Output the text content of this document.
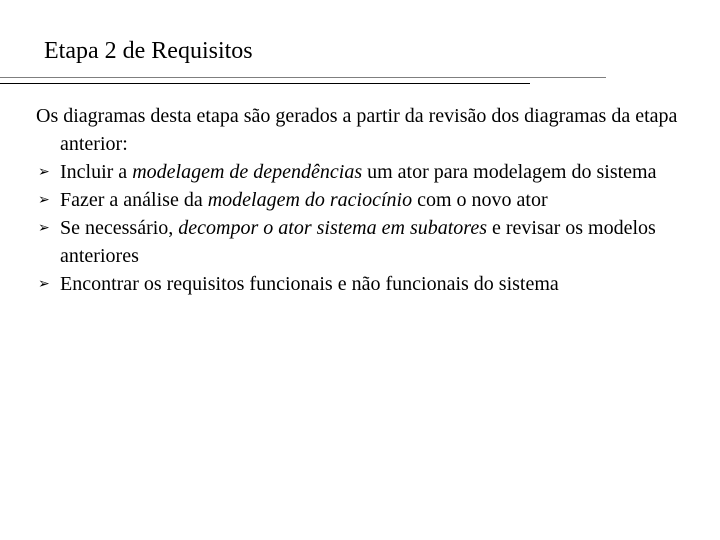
Etapa 2 de Requisitos

Os diagramas desta etapa são gerados a partir da revisão dos diagramas da etapa anterior:

➢ Incluir a modelagem de dependências um ator para modelagem do sistema
➢ Fazer a análise da modelagem do raciocínio com o novo ator
➢ Se necessário, decompor o ator sistema em subatores e revisar os modelos anteriores
➢ Encontrar os requisitos funcionais e não funcionais do sistema
